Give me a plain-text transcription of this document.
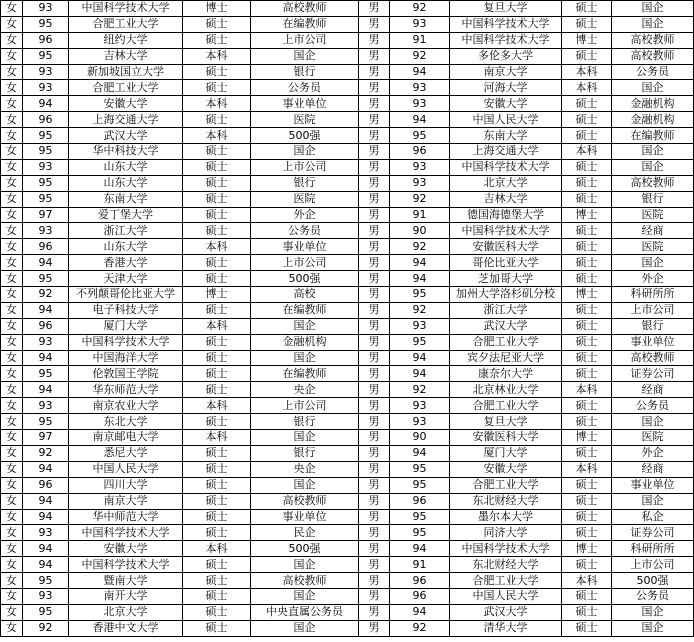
女	93	中国科学技术大学	博士	高校教师	男	92	复旦大学	硕士	国企
女	95	合肥工业大学	硕士	在编教师	男	93	中国科学技术大学	硕士	国企
女	96	纽约大学	硕士	上市公司	男	91	中国科学技术大学	博士	高校教师
女	95	吉林大学	本科	国企	男	92	多伦多大学	硕士	高校教师
女	93	新加坡国立大学	硕士	银行	男	94	南京大学	本科	公务员
女	93	合肥工业大学	硕士	公务员	男	93	河海大学	本科	国企
女	94	安徽大学	本科	事业单位	男	93	安徽大学	硕士	金融机构
女	96	上海交通大学	硕士	医院	男	94	中国人民大学	硕士	金融机构
女	95	武汉大学	本科	500强	男	95	东南大学	硕士	在编教师
女	95	华中科技大学	硕士	国企	男	96	上海交通大学	本科	国企
女	93	山东大学	硕士	上市公司	男	93	中国科学技术大学	硕士	国企
女	95	山东大学	硕士	银行	男	93	北京大学	硕士	高校教师
女	95	东南大学	硕士	医院	男	92	吉林大学	硕士	银行
女	97	爱丁堡大学	硕士	外企	男	91	德国海德堡大学	博士	医院
女	93	浙江大学	硕士	公务员	男	90	中国科学技术大学	硕士	经商
女	96	山东大学	本科	事业单位	男	92	安徽医科大学	硕士	医院
女	94	香港大学	硕士	上市公司	男	94	哥伦比亚大学	硕士	国企
女	95	天津大学	硕士	500强	男	94	芝加哥大学	硕士	外企
女	92	不列颠哥伦比亚大学	博士	高校	男	95	加州大学洛杉矶分校	博士	科研所所
女	94	电子科技大学	硕士	在编教师	男	92	浙江大学	硕士	上市公司
女	96	厦门大学	本科	国企	男	93	武汉大学	硕士	银行
女	93	中国科学技术大学	硕士	金融机构	男	95	合肥工业大学	硕士	事业单位
女	94	中国海洋大学	硕士	国企	男	94	宾夕法尼亚大学	硕士	高校教师
女	95	伦敦国王学院	硕士	在编教师	男	94	康奈尔大学	硕士	证券公司
女	94	华东师范大学	硕士	央企	男	92	北京林业大学	本科	经商
女	93	南京农业大学	本科	上市公司	男	93	合肥工业大学	硕士	公务员
女	95	东北大学	硕士	银行	男	93	复旦大学	硕士	国企
女	97	南京邮电大学	本科	国企	男	90	安徽医科大学	博士	医院
女	92	悉尼大学	硕士	银行	男	94	厦门大学	硕士	外企
女	94	中国人民大学	硕士	央企	男	95	安徽大学	本科	经商
女	96	四川大学	硕士	国企	男	95	合肥工业大学	硕士	事业单位
女	94	南京大学	硕士	高校教师	男	96	东北财经大学	硕士	国企
女	94	华中师范大学	硕士	事业单位	男	95	墨尔本大学	硕士	私企
女	93	中国科学技术大学	硕士	民企	男	95	同济大学	硕士	证券公司
女	94	安徽大学	本科	500强	男	94	中国科学技术大学	博士	科研所所
女	94	中国科学技术大学	硕士	国企	男	91	东北财经大学	硕士	上市公司
女	95	暨南大学	硕士	高校教师	男	96	合肥工业大学	本科	500强
女	93	南开大学	硕士	国企	男	96	中国人民大学	硕士	公务员
女	95	北京大学	硕士	中央直属公务员	男	94	武汉大学	硕士	国企
女	92	香港中文大学	硕士	国企	男	92	清华大学	硕士	国企
